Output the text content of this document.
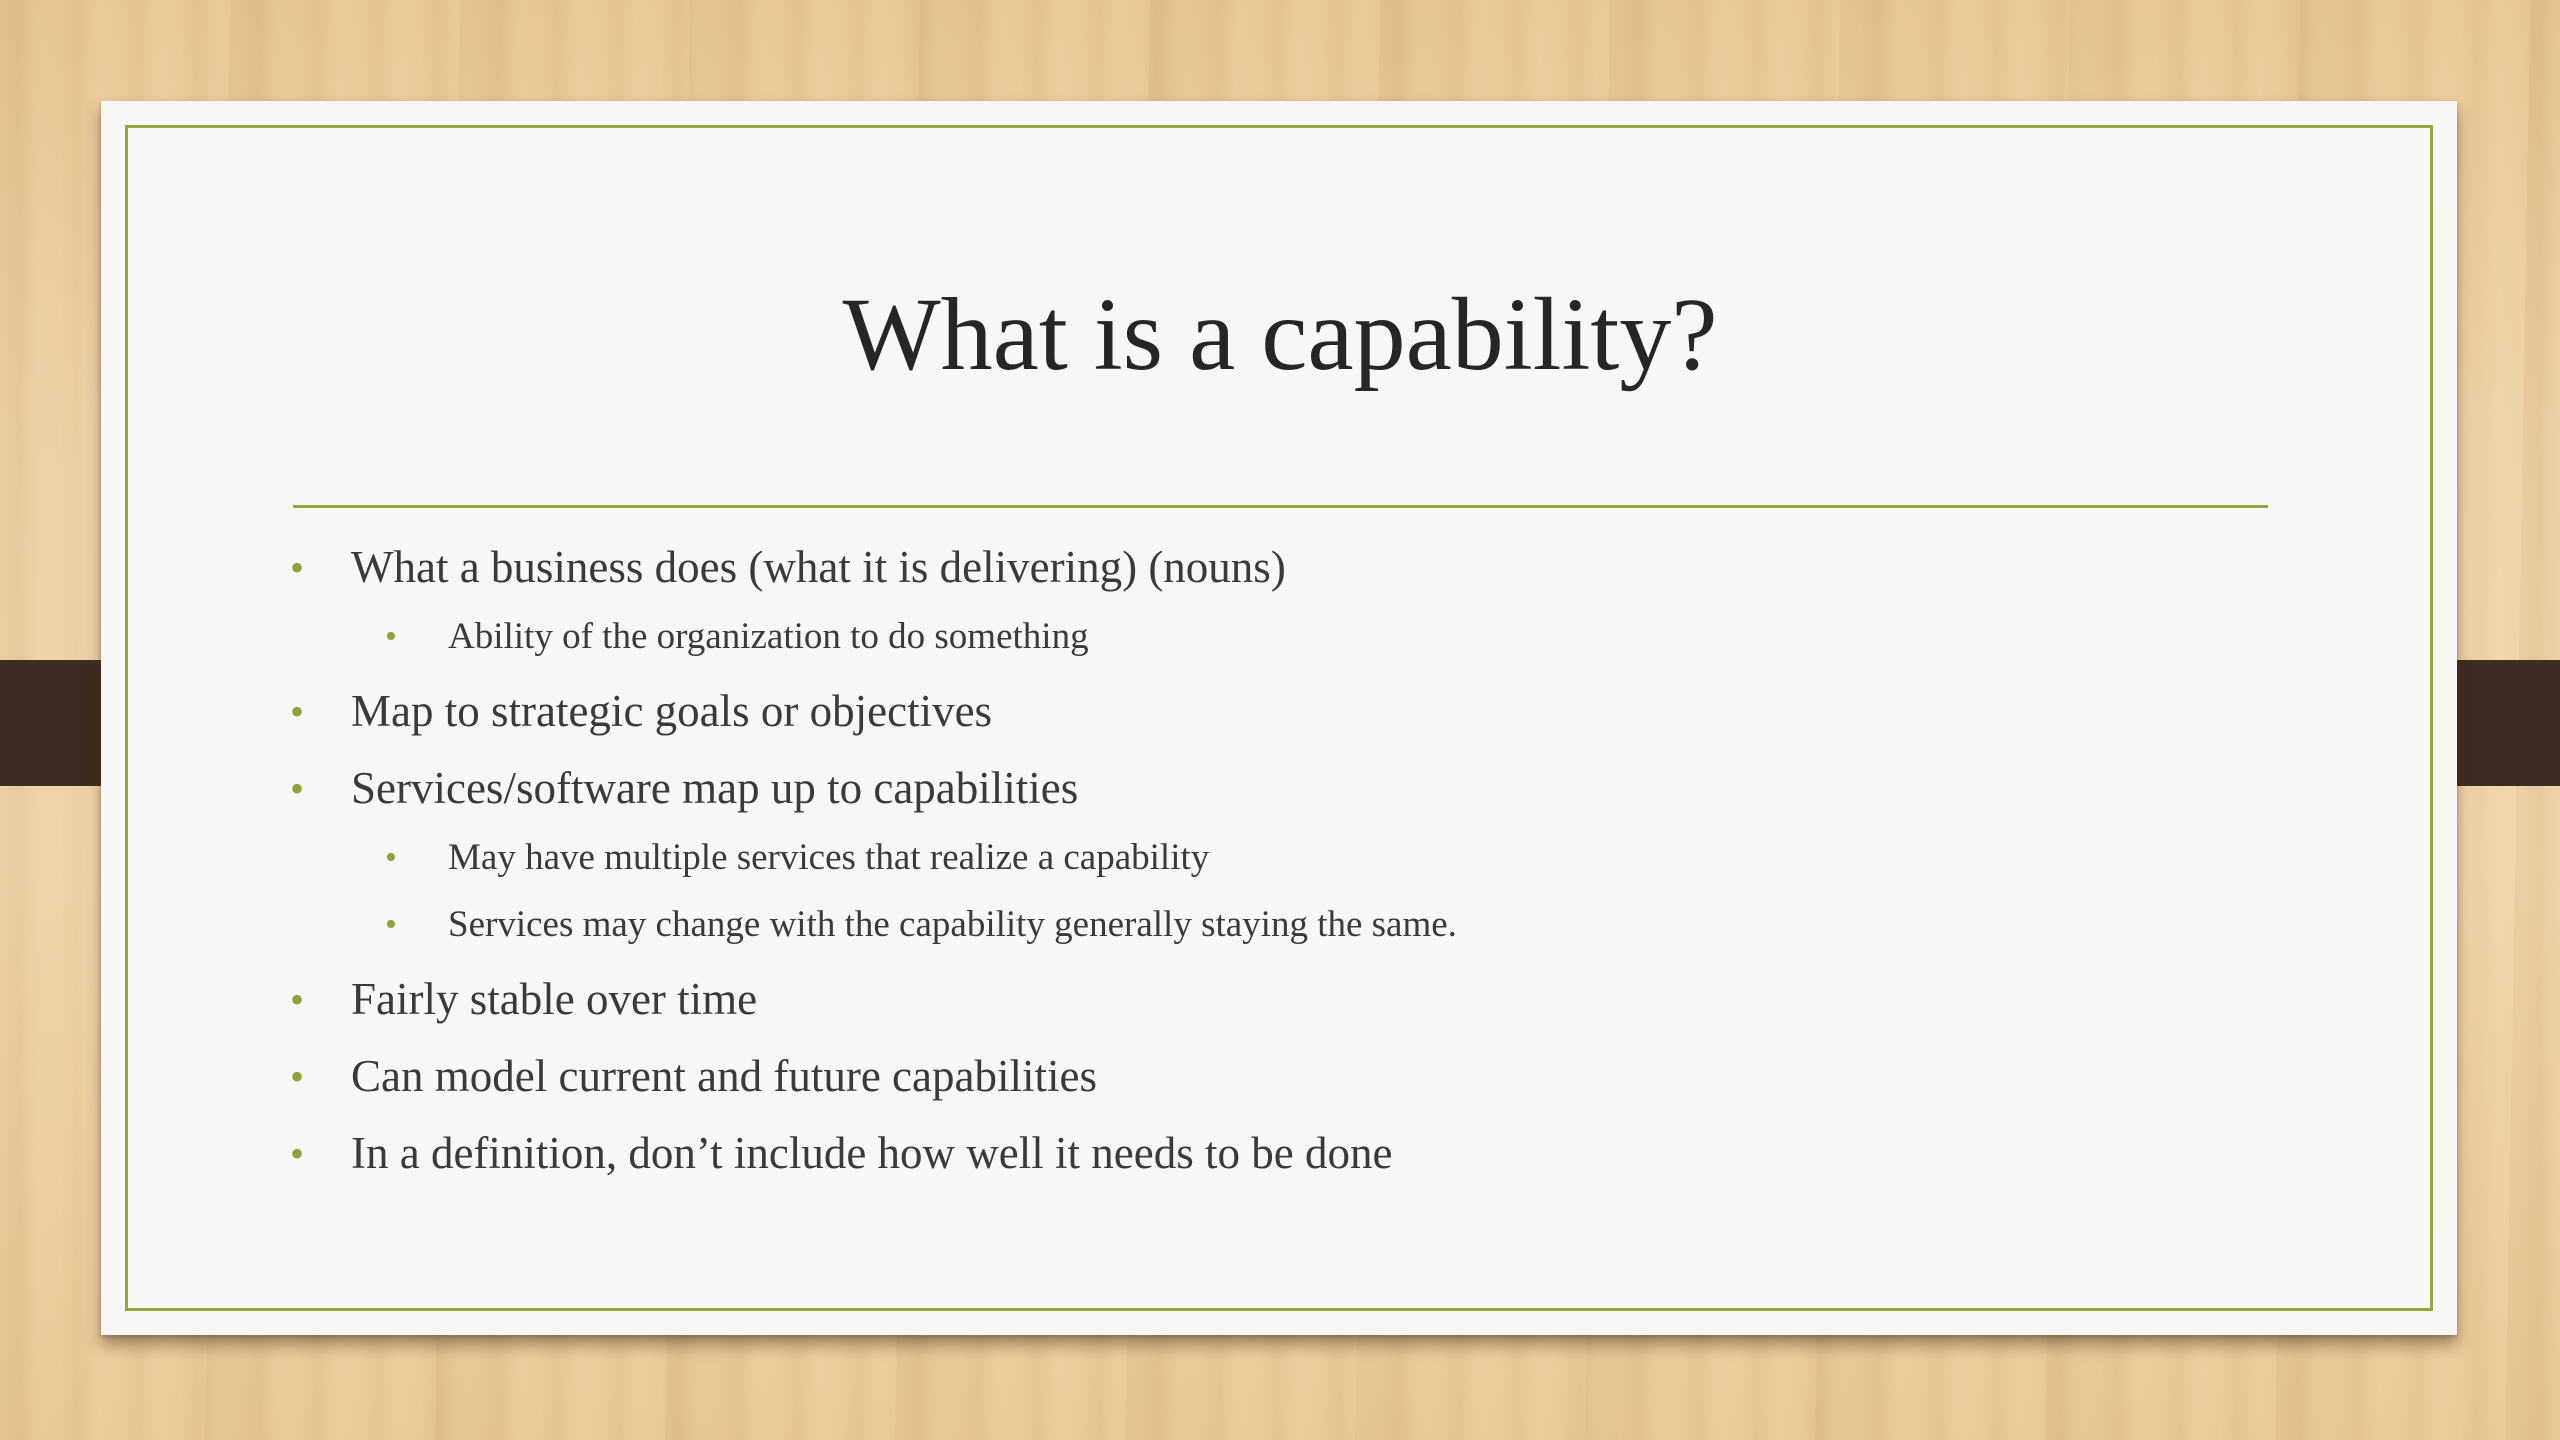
What is a capability?
• What a business does (what it is delivering) (nouns)
• Ability of the organization to do something
• Map to strategic goals or objectives
• Services/software map up to capabilities
• May have multiple services that realize a capability
• Services may change with the capability generally staying the same.
• Fairly stable over time
• Can model current and future capabilities
• In a definition, don’t include how well it needs to be done
